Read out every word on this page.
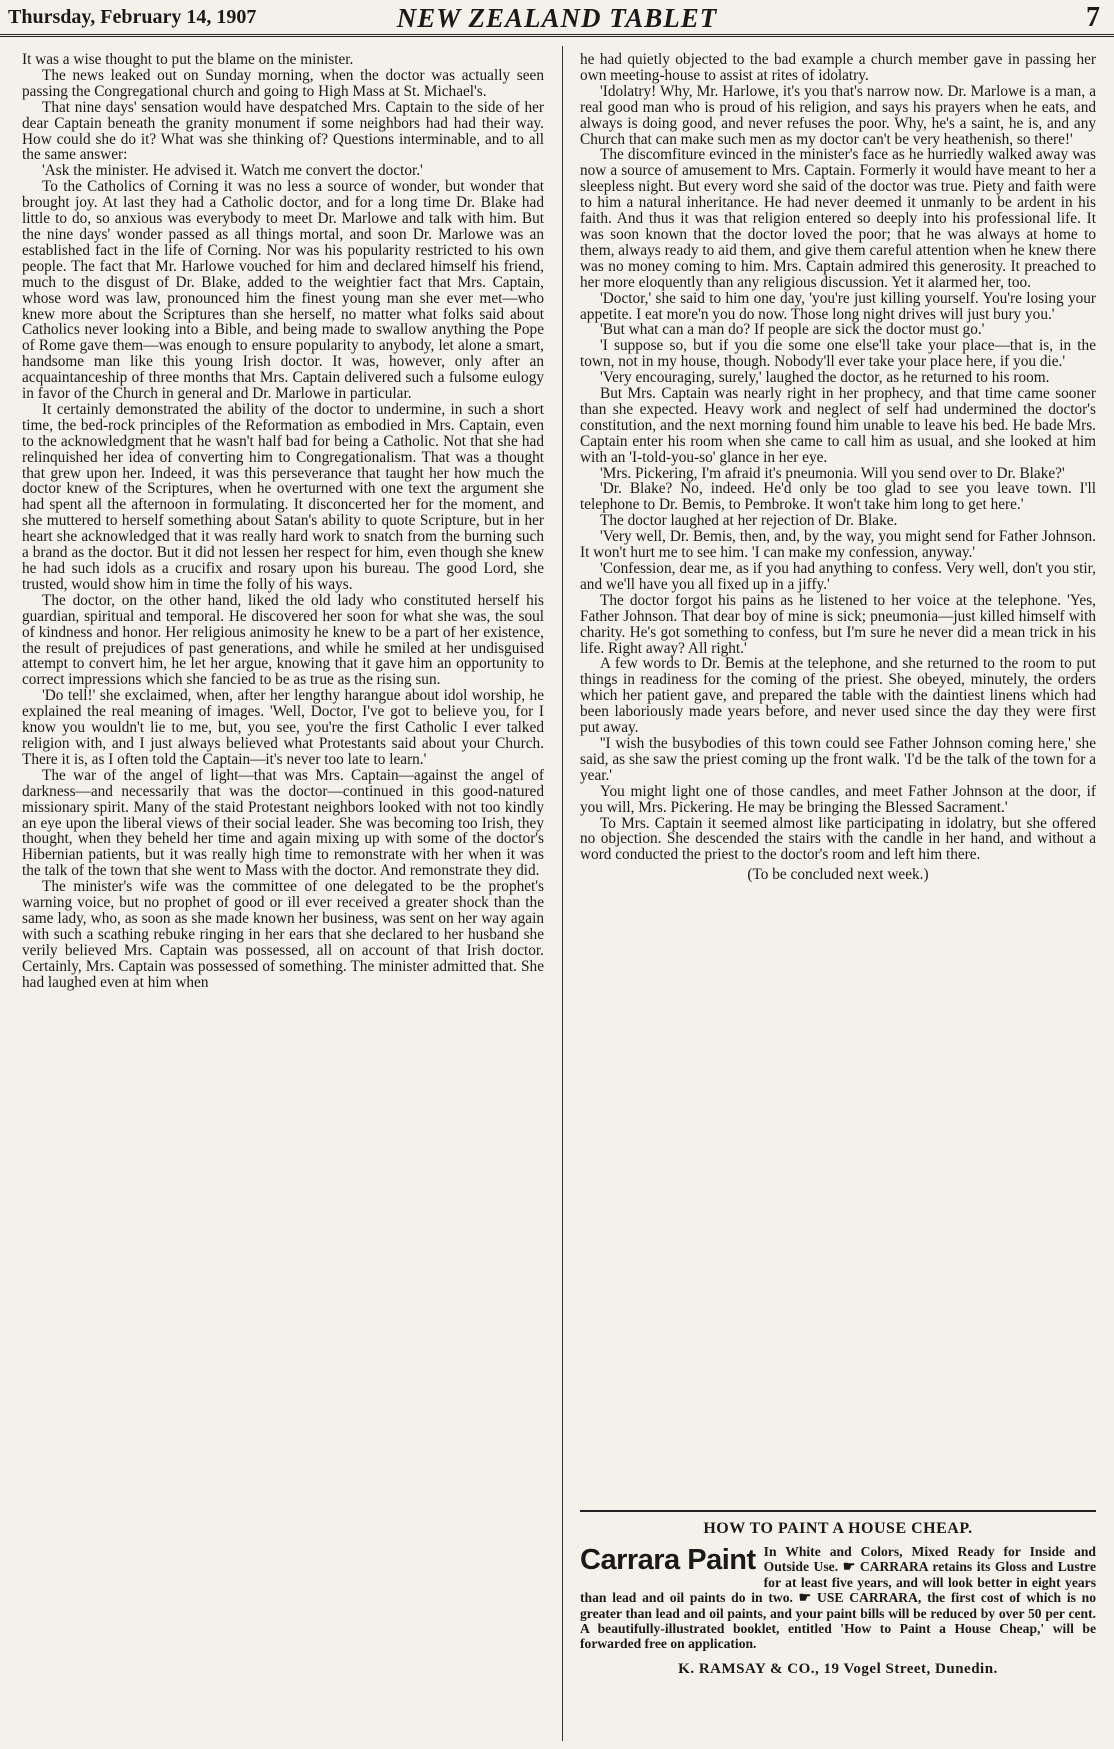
Thursday, February 14, 1907	NEW ZEALAND TABLET	7

It was a wise thought to put the blame on the minister.

The news leaked out on Sunday morning, when the doctor was actually seen passing the Congregational church and going to High Mass at St. Michael's.

That nine days' sensation would have despatched Mrs. Captain to the side of her dear Captain beneath the granity monument if some neighbors had had their way. How could she do it? What was she thinking of? Questions interminable, and to all the same answer:

'Ask the minister. He advised it. Watch me convert the doctor.'

To the Catholics of Corning it was no less a source of wonder, but wonder that brought joy. At last they had a Catholic doctor, and for a long time Dr. Blake had little to do, so anxious was everybody to meet Dr. Marlowe and talk with him. But the nine days' wonder passed as all things mortal, and soon Dr. Marlowe was an established fact in the life of Corning. Nor was his popularity restricted to his own people. The fact that Mr. Harlowe vouched for him and declared himself his friend, much to the disgust of Dr. Blake, added to the weightier fact that Mrs. Captain, whose word was law, pronounced him the finest young man she ever met—who knew more about the Scriptures than she herself, no matter what folks said about Catholics never looking into a Bible, and being made to swallow anything the Pope of Rome gave them—was enough to ensure popularity to anybody, let alone a smart, handsome man like this young Irish doctor. It was, however, only after an acquaintanceship of three months that Mrs. Captain delivered such a fulsome eulogy in favor of the Church in general and Dr. Marlowe in particular.

It certainly demonstrated the ability of the doctor to undermine, in such a short time, the bed-rock principles of the Reformation as embodied in Mrs. Captain, even to the acknowledgment that he wasn't half bad for being a Catholic. Not that she had relinquished her idea of converting him to Congregationalism. That was a thought that grew upon her. Indeed, it was this perseverance that taught her how much the doctor knew of the Scriptures, when he overturned with one text the argument she had spent all the afternoon in formulating. It disconcerted her for the moment, and she muttered to herself something about Satan's ability to quote Scripture, but in her heart she acknowledged that it was really hard work to snatch from the burning such a brand as the doctor. But it did not lessen her respect for him, even though she knew he had such idols as a crucifix and rosary upon his bureau. The good Lord, she trusted, would show him in time the folly of his ways.

The doctor, on the other hand, liked the old lady who constituted herself his guardian, spiritual and temporal. He discovered her soon for what she was, the soul of kindness and honor. Her religious animosity he knew to be a part of her existence, the result of prejudices of past generations, and while he smiled at her undisguised attempt to convert him, he let her argue, knowing that it gave him an opportunity to correct impressions which she fancied to be as true as the rising sun.

'Do tell!' she exclaimed, when, after her lengthy harangue about idol worship, he explained the real meaning of images. 'Well, Doctor, I've got to believe you, for I know you wouldn't lie to me, but, you see, you're the first Catholic I ever talked religion with, and I just always believed what Protestants said about your Church. There it is, as I often told the Captain—it's never too late to learn.'

The war of the angel of light—that was Mrs. Captain—against the angel of darkness—and necessarily that was the doctor—continued in this good-natured missionary spirit. Many of the staid Protestant neighbors looked with not too kindly an eye upon the liberal views of their social leader. She was becoming too Irish, they thought, when they beheld her time and again mixing up with some of the doctor's Hibernian patients, but it was really high time to remonstrate with her when it was the talk of the town that she went to Mass with the doctor. And remonstrate they did.

The minister's wife was the committee of one delegated to be the prophet's warning voice, but no prophet of good or ill ever received a greater shock than the same lady, who, as soon as she made known her business, was sent on her way again with such a scathing rebuke ringing in her ears that she declared to her husband she verily believed Mrs. Captain was possessed, all on account of that Irish doctor. Certainly, Mrs. Captain was possessed of something. The minister admitted that. She had laughed even at him when

he had quietly objected to the bad example a church member gave in passing her own meeting-house to assist at rites of idolatry.

'Idolatry! Why, Mr. Harlowe, it's you that's narrow now. Dr. Marlowe is a man, a real good man who is proud of his religion, and says his prayers when he eats, and always is doing good, and never refuses the poor. Why, he's a saint, he is, and any Church that can make such men as my doctor can't be very heathenish, so there!'

The discomfiture evinced in the minister's face as he hurriedly walked away was now a source of amusement to Mrs. Captain. Formerly it would have meant to her a sleepless night. But every word she said of the doctor was true. Piety and faith were to him a natural inheritance. He had never deemed it unmanly to be ardent in his faith. And thus it was that religion entered so deeply into his professional life. It was soon known that the doctor loved the poor; that he was always at home to them, always ready to aid them, and give them careful attention when he knew there was no money coming to him. Mrs. Captain admired this generosity. It preached to her more eloquently than any religious discussion. Yet it alarmed her, too.

'Doctor,' she said to him one day, 'you're just killing yourself. You're losing your appetite. I eat more'n you do now. Those long night drives will just bury you.'

'But what can a man do? If people are sick the doctor must go.'

'I suppose so, but if you die some one else'll take your place—that is, in the town, not in my house, though. Nobody'll ever take your place here, if you die.'

'Very encouraging, surely,' laughed the doctor, as he returned to his room.

But Mrs. Captain was nearly right in her prophecy, and that time came sooner than she expected. Heavy work and neglect of self had undermined the doctor's constitution, and the next morning found him unable to leave his bed. He bade Mrs. Captain enter his room when she came to call him as usual, and she looked at him with an 'I-told-you-so' glance in her eye.

'Mrs. Pickering, I'm afraid it's pneumonia. Will you send over to Dr. Blake?'

'Dr. Blake? No, indeed. He'd only be too glad to see you leave town. I'll telephone to Dr. Bemis, to Pembroke. It won't take him long to get here.'

The doctor laughed at her rejection of Dr. Blake.

'Very well, Dr. Bemis, then, and, by the way, you might send for Father Johnson. It won't hurt me to see him. 'I can make my confession, anyway.'

'Confession, dear me, as if you had anything to confess. Very well, don't you stir, and we'll have you all fixed up in a jiffy.'

The doctor forgot his pains as he listened to her voice at the telephone. 'Yes, Father Johnson. That dear boy of mine is sick; pneumonia—just killed himself with charity. He's got something to confess, but I'm sure he never did a mean trick in his life. Right away? All right.'

A few words to Dr. Bemis at the telephone, and she returned to the room to put things in readiness for the coming of the priest. She obeyed, minutely, the orders which her patient gave, and prepared the table with the daintiest linens which had been laboriously made years before, and never used since the day they were first put away.

''I wish the busybodies of this town could see Father Johnson coming here,' she said, as she saw the priest coming up the front walk. 'I'd be the talk of the town for a year.'

You might light one of those candles, and meet Father Johnson at the door, if you will, Mrs. Pickering. He may be bringing the Blessed Sacrament.'

To Mrs. Captain it seemed almost like participating in idolatry, but she offered no objection. She descended the stairs with the candle in her hand, and without a word conducted the priest to the doctor's room and left him there.

(To be concluded next week.)

HOW TO PAINT A HOUSE CHEAP.
Carrara Paint In White and Colors, Mixed Ready for Inside and Outside Use. ☛ CARRARA retains its Gloss and Lustre for at least five years, and will look better in eight years than lead and oil paints do in two. ☛ USE CARRARA, the first cost of which is no greater than lead and oil paints, and your paint bills will be reduced by over 50 per cent. A beautifully-illustrated booklet, entitled 'How to Paint a House Cheap,' will be forwarded free on application.
K. RAMSAY & CO., 19 Vogel Street, Dunedin.
